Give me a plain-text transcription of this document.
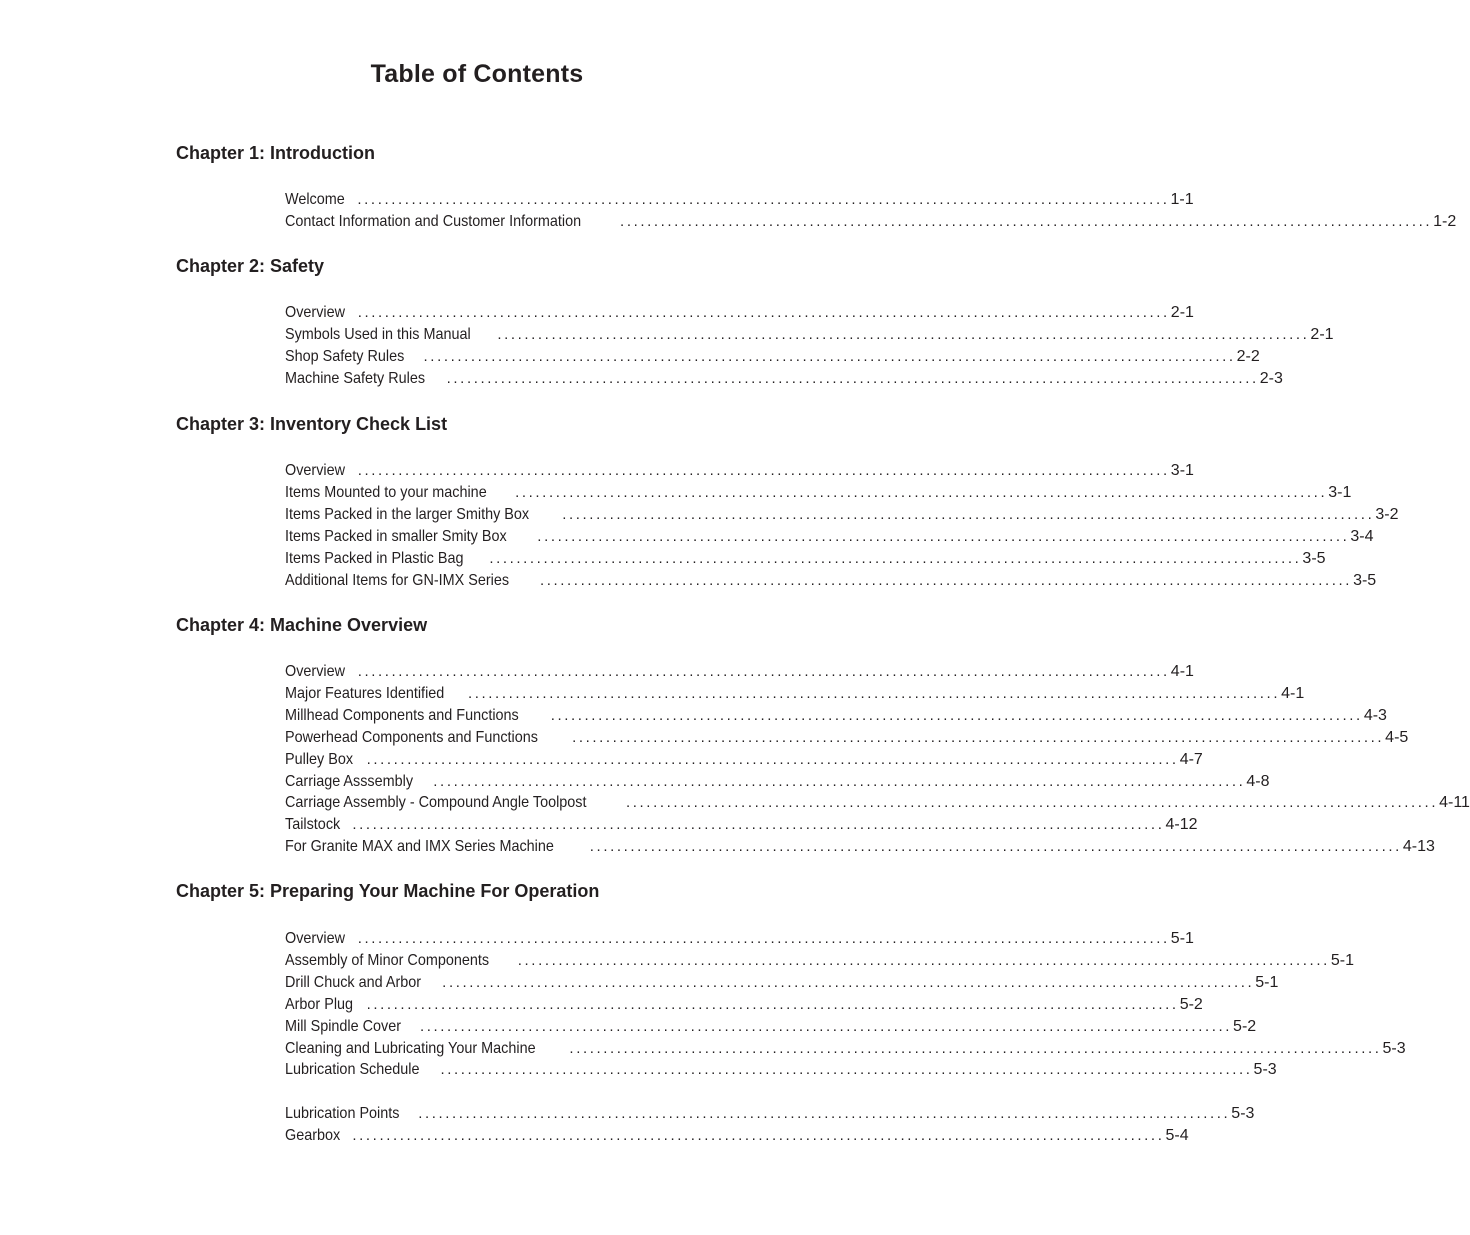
Table of Contents
Chapter 1: Introduction
Welcome ........................................................................................................................ 1-1
Contact Information and Customer Information	........................................................................................................................ 1-2
Chapter 2: Safety
Overview ........................................................................................................................ 2-1
Symbols Used in this Manual ........................................................................................................................ 2-1
Shop Safety Rules ........................................................................................................................ 2-2
Machine Safety Rules ........................................................................................................................ 2-3
Chapter 3: Inventory Check List
Overview ........................................................................................................................ 3-1
Items Mounted to your machine ........................................................................................................................ 3-1
Items Packed in the larger Smithy Box ........................................................................................................................ 3-2
Items Packed in smaller Smity Box ........................................................................................................................ 3-4
Items Packed in Plastic Bag ........................................................................................................................ 3-5
Additional Items for GN-IMX Series ........................................................................................................................ 3-5
Chapter 4: Machine Overview
Overview ........................................................................................................................ 4-1
Major Features Identified ........................................................................................................................ 4-1
Millhead Components and Functions ........................................................................................................................ 4-3
Powerhead Components and Functions ........................................................................................................................ 4-5
Pulley Box ........................................................................................................................ 4-7
Carriage Asssembly ........................................................................................................................ 4-8
Carriage Assembly - Compound Angle Toolpost	........................................................................................................................ 4-11
Tailstock ........................................................................................................................ 4-12
For Granite MAX and IMX Series Machine ........................................................................................................................ 4-13
Chapter 5: Preparing Your Machine For Operation
Overview ........................................................................................................................ 5-1
Assembly of Minor Components ........................................................................................................................ 5-1
Drill Chuck and Arbor ........................................................................................................................ 5-1
Arbor Plug ........................................................................................................................ 5-2
Mill Spindle Cover ........................................................................................................................ 5-2
Cleaning and Lubricating Your Machine ........................................................................................................................ 5-3
Lubrication Schedule ........................................................................................................................ 5-3
Lubrication Points ........................................................................................................................ 5-3
Gearbox ........................................................................................................................ 5-4
